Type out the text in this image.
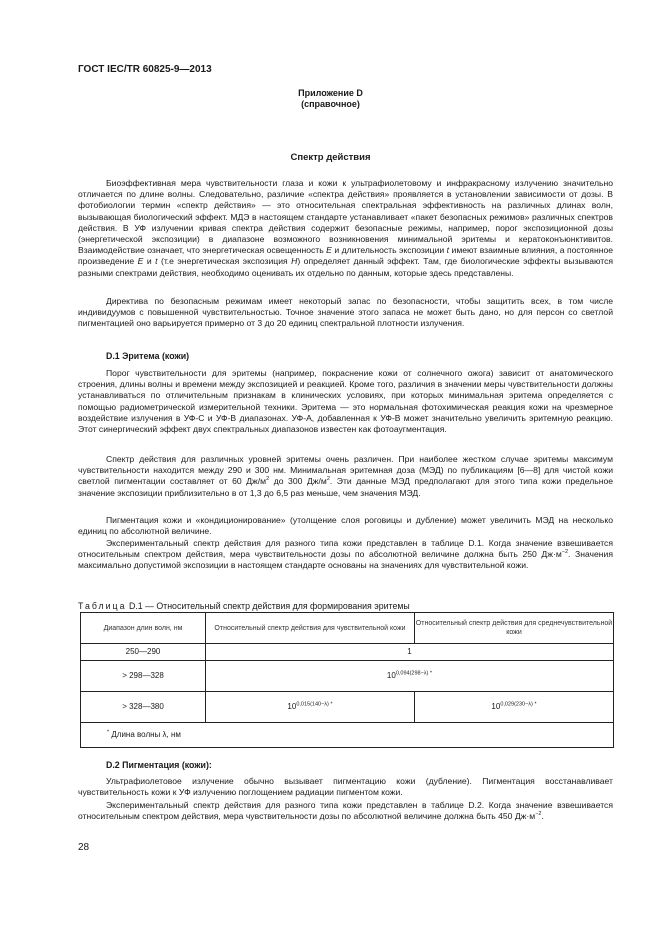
ГОСТ IEC/TR 60825-9—2013
Приложение D
(справочное)
Спектр действия

Биоэффективная мера чувствительности глаза и кожи к ультрафиолетовому и инфракрасному излучению значительно отличается по длине волны. Следовательно, различие «спектра действия» проявляется в установлении зависимости от дозы. В фотобиологии термин «спектр действия» — это относительная спектральная эффективность на различных длинах волн, вызывающая биологический эффект. МДЭ в настоящем стандарте устанавливает «пакет безопасных режимов» различных спектров действия. В УФ излучении кривая спектра действия содержит безопасные режимы, например, порог экспозиционной дозы (энергетической экспозиции) в диапазоне возможного возникновения минимальной эритемы и кератоконъюнктивитов. Взаимодействие означает, что энергетическая освещенность E и длительность экспозиции t имеют взаимные влияния, а постоянное произведение E и t (т.е энергетическая экспозиция H) определяет данный эффект. Там, где биологические эффекты вызываются разными спектрами действия, необходимо оценивать их отдельно по данным, которые здесь представлены.

Директива по безопасным режимам имеет некоторый запас по безопасности, чтобы защитить всех, в том числе индивидуумов с повышенной чувствительностью. Точное значение этого запаса не может быть дано, но для персон со светлой пигментацией оно варьируется примерно от 3 до 20 единиц спектральной плотности излучения.

D.1 Эритема (кожи)

Порог чувствительности для эритемы (например, покраснение кожи от солнечного ожога) зависит от анатомического строения, длины волны и времени между экспозицией и реакцией. Кроме того, различия в значении меры чувствительности должны устанавливаться по отличительным признакам в клинических условиях, при которых минимальная эритема определяется с помощью радиометрической измерительной техники. Эритема — это нормальная фотохимическая реакция кожи на чрезмерное воздействие излучения в УФ-С и УФ-В диапазонах. УФ-А, добавленная к УФ-В может значительно увеличить эритемную реакцию. Этот синергический эффект двух спектральных диапазонов известен как фотоаугментация.

Спектр действия для различных уровней эритемы очень различен. При наиболее жестком случае эритемы максимум чувствительности находится между 290 и 300 нм. Минимальная эритемная доза (МЭД) по публикациям [6—8] для чистой кожи светлой пигментации составляет от 60 $Дж/м^2$ до 300 $Дж/м^2$. Эти данные МЭД предполагают для этого типа кожи предельное значение экспозиции приблизительно в от 1,3 до 6,5 раз меньше, чем значения МЭД.

Пигментация кожи и «кондиционирование» (утолщение слоя роговицы и дубление) может увеличить МЭД на несколько единиц по абсолютной величине.

Экспериментальный спектр действия для разного типа кожи представлен в таблице D.1. Когда значение взвешивается относительным спектром действия, мера чувствительности дозы по абсолютной величине должна быть 250 $Дж\cdot м^{-2}$. Значения максимально допустимой экспозиции в настоящем стандарте основаны на значениях для чувствительной кожи.

Таблица D.1 — Относительный спектр действия для формирования эритемы
Диапазон длин волн, нм	Относительный спектр действия для чувствительной кожи	Относительный спектр действия для среднечувствительной кожи
250—290	1	
> 298—328	$10^{0,094(298-\lambda) *}$
> 328—380	$10^{0,015(140-\lambda) *}$	$10^{0,029(230-\lambda) *}$
* Длина волны λ, нм		
D.2 Пигментация (кожи):

Ультрафиолетовое излучение обычно вызывает пигментацию кожи (дубление). Пигментация восстанавливает чувствительность кожи к УФ излучению поглощением радиации пигментом кожи.

Экспериментальный спектр действия для разного типа кожи представлен в таблице D.2. Когда значение взвешивается относительным спектром действия, мера чувствительности дозы по абсолютной величине должна быть 450 $Дж\cdot м^{-2}$.

28
